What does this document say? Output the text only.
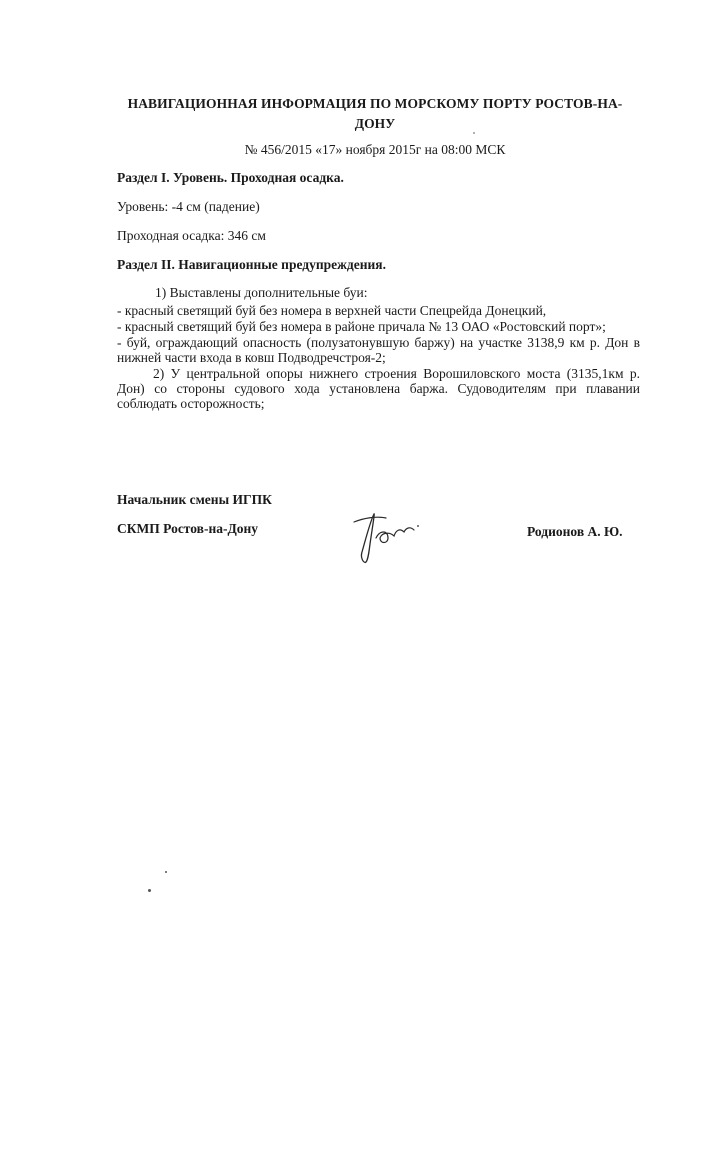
НАВИГАЦИОННАЯ ИНФОРМАЦИЯ ПО МОРСКОМУ ПОРТУ РОСТОВ-НА-ДОНУ
№ 456/2015 «17» ноября 2015г на 08:00 МСК
Раздел I. Уровень. Проходная осадка.
Уровень: -4 см (падение)
Проходная осадка: 346 см
Раздел II. Навигационные предупреждения.
1) Выставлены дополнительные буи:
- красный светящий буй без номера в верхней части Спецрейда Донецкий,
- красный светящий буй без номера в районе причала № 13 ОАО «Ростовский порт»;
- буй, ограждающий опасность (полузатонувшую баржу) на участке 3138,9 км р. Дон в нижней части входа в ковш Подводречстроя-2;
2) У центральной опоры нижнего строения Ворошиловского моста (3135,1км р. Дон) со стороны судового хода установлена баржа. Судоводителям при плавании соблюдать осторожность;
Начальник смены ИГПК
СКМП Ростов-на-Дону	Родионов А. Ю.
